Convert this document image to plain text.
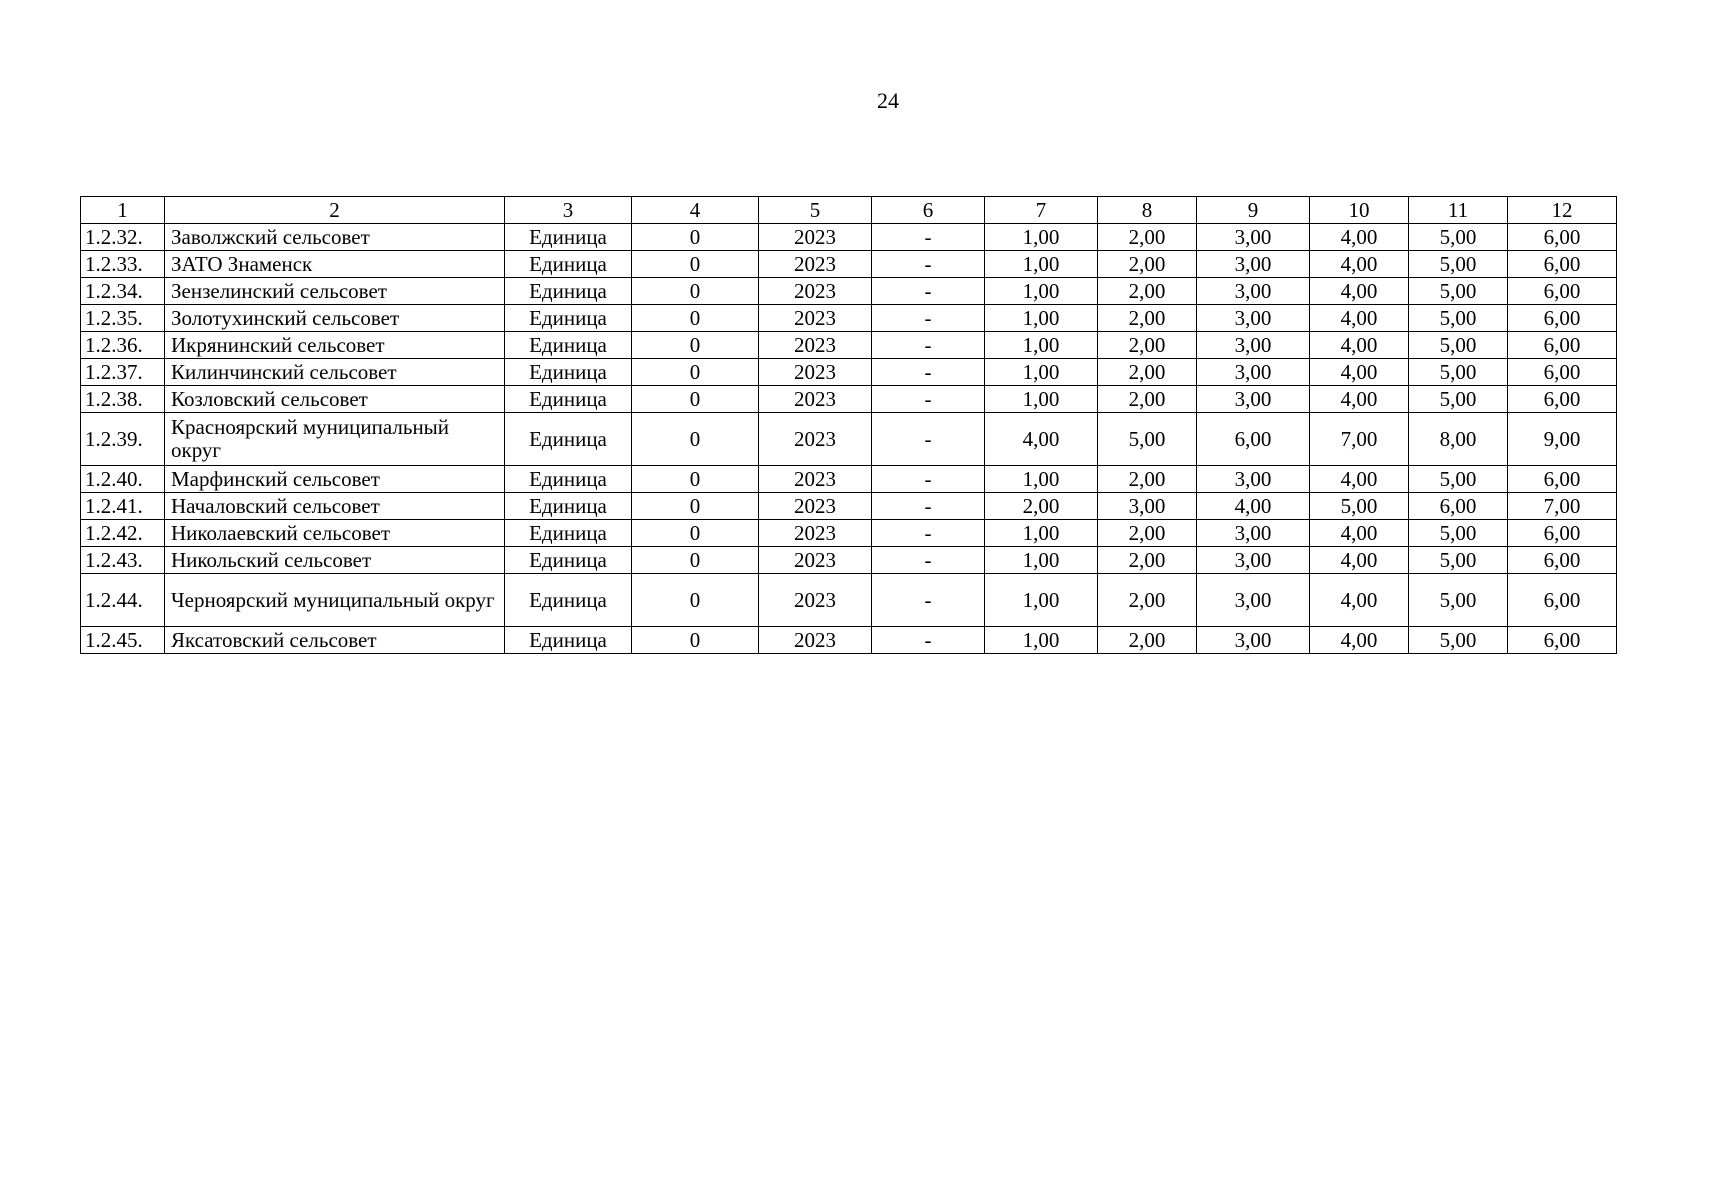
24
1	2	3	4	5	6	7	8	9	10	11	12
1.2.32.	Заволжский сельсовет	Единица	0	2023	-	1,00	2,00	3,00	4,00	5,00	6,00
1.2.33.	ЗАТО Знаменск	Единица	0	2023	-	1,00	2,00	3,00	4,00	5,00	6,00
1.2.34.	Зензелинский сельсовет	Единица	0	2023	-	1,00	2,00	3,00	4,00	5,00	6,00
1.2.35.	Золотухинский сельсовет	Единица	0	2023	-	1,00	2,00	3,00	4,00	5,00	6,00
1.2.36.	Икрянинский сельсовет	Единица	0	2023	-	1,00	2,00	3,00	4,00	5,00	6,00
1.2.37.	Килинчинский сельсовет	Единица	0	2023	-	1,00	2,00	3,00	4,00	5,00	6,00
1.2.38.	Козловский сельсовет	Единица	0	2023	-	1,00	2,00	3,00	4,00	5,00	6,00
1.2.39.	Красноярский муниципальный округ	Единица	0	2023	-	4,00	5,00	6,00	7,00	8,00	9,00
1.2.40.	Марфинский сельсовет	Единица	0	2023	-	1,00	2,00	3,00	4,00	5,00	6,00
1.2.41.	Началовский сельсовет	Единица	0	2023	-	2,00	3,00	4,00	5,00	6,00	7,00
1.2.42.	Николаевский сельсовет	Единица	0	2023	-	1,00	2,00	3,00	4,00	5,00	6,00
1.2.43.	Никольский сельсовет	Единица	0	2023	-	1,00	2,00	3,00	4,00	5,00	6,00
1.2.44.	Черноярский муниципальный округ	Единица	0	2023	-	1,00	2,00	3,00	4,00	5,00	6,00
1.2.45.	Яксатовский сельсовет	Единица	0	2023	-	1,00	2,00	3,00	4,00	5,00	6,00
